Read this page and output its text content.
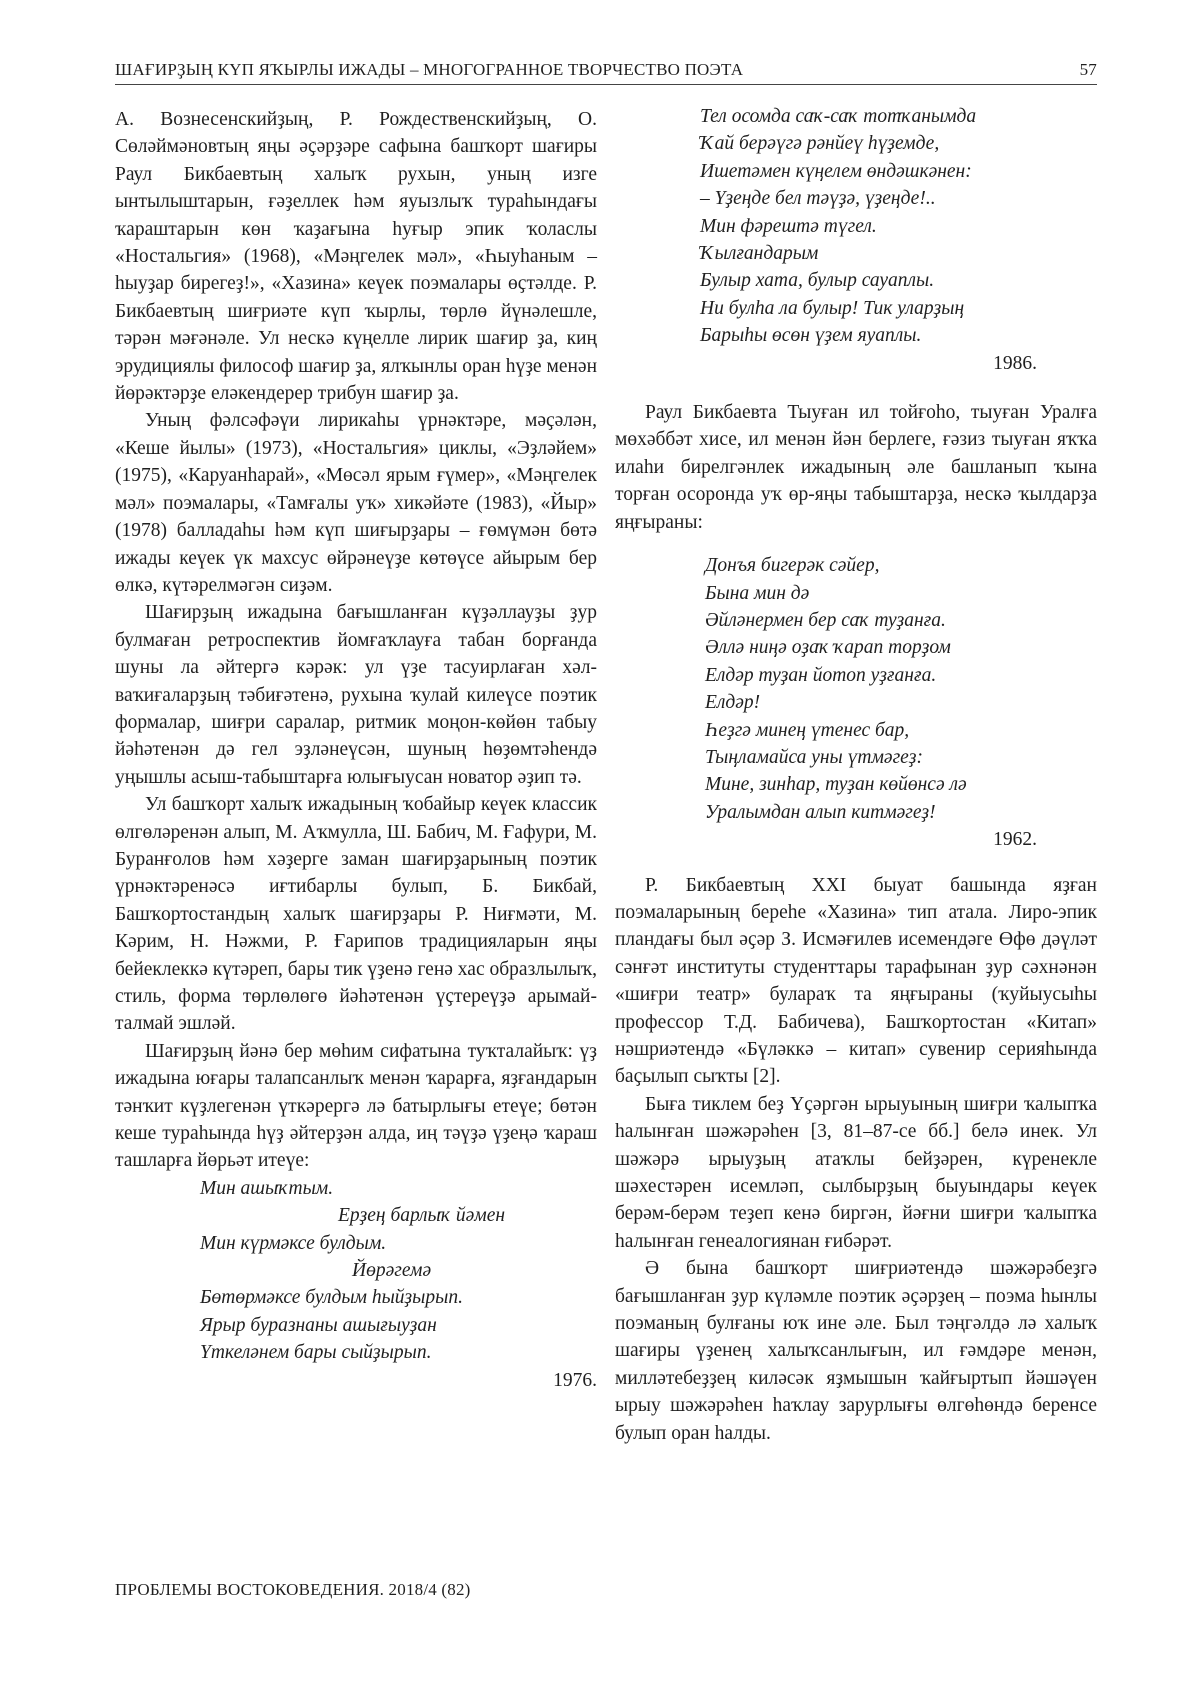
ШАҒИРҘЫҢ КҮП ЯҠЫРЛЫ ИЖАДЫ – МНОГОГРАННОЕ ТВОРЧЕСТВО ПОЭТА	57

А. Вознесенскийҙың, Р. Рождественскийҙың, О. Сөләймәновтың яңы әҫәрҙәре сафына башҡорт шағиры Раул Бикбаевтың халыҡ рухын, уның изге ынтылыштарын, ғәҙеллек һәм яуызлыҡ тураһындағы ҡараштарын көн ҡаҙағына һуғыр эпик ҡоласлы «Ностальгия» (1968), «Мәңгелек мәл», «Һыуһаным – һыуҙар бирегеҙ!», «Хазина» кеүек поэмалары өҫтәлде. Р. Бикбаевтың шиғриәте күп ҡырлы, төрлө йүнәлешле, тәрән мәғәнәле. Ул нескә күңелле лирик шағир ҙа, киң эрудициялы философ шағир ҙа, ялҡынлы оран һүҙе менән йөрәктәрҙе еләкендерер трибун шағир ҙа.

Уның фәлсәфәүи лирикаһы үрнәктәре, мәҫәлән, «Кеше йылы» (1973), «Ностальгия» циклы, «Эҙләйем» (1975), «Каруанһарай», «Мөсәл ярым ғүмер», «Мәңгелек мәл» поэмалары, «Тамғалы уҡ» хикәйәте (1983), «Йыр» (1978) балладаһы һәм күп шиғырҙары – ғөмүмән бөтә ижады кеүек үк махсус өйрәнеүҙе көтөүсе айырым бер өлкә, күтәрелмәгән сиҙәм.

Шағирҙың ижадына бағышланған күҙәллауҙы ҙур булмаған ретроспектив йомғаҡлауға табан борғанда шуны ла әйтергә кәрәк: ул үҙе тасуирлаған хәл-ваҡиғаларҙың тәбиғәтенә, рухына ҡулай килеүсе поэтик формалар, шиғри саралар, ритмик моңон-көйөн табыу йәһәтенән дә гел эҙләнеүсән, шуның һөҙөмтәһендә уңышлы асыш-табыштарға юлығыусан новатор әҙип тә.

Ул башҡорт халыҡ ижадының ҡобайыр кеүек классик өлгөләренән алып, М. Аҡмулла, Ш. Бабич, М. Ғафури, М. Буранғолов һәм хәҙерге заман шағирҙарының поэтик үрнәктәренәсә иғтибарлы булып, Б. Бикбай, Башҡортостандың халыҡ шағирҙары Р. Ниғмәти, М. Кәрим, Н. Нәжми, Р. Ғарипов традицияларын яңы бейеклеккә күтәреп, бары тик үҙенә генә хас образлылыҡ, стиль, форма төрлөлөгө йәһәтенән үҫтереүҙә арымай-талмай эшләй.

Шағирҙың йәнә бер мөһим сифатына туҡталайыҡ: үҙ ижадына юғары талапсанлыҡ менән ҡарарға, яҙғандарын тәнҡит күҙлегенән үткәрергә лә батырлығы етеүе; бөтән кеше тураһында һүҙ әйтерҙән алда, иң тәүҙә үҙеңә ҡараш ташларға йөрьәт итеүе:

Мин ашыҡтым.
Ерҙең барлыҡ йәмен
Мин күрмәксе булдым.
Йөрәгемә
Бөтөрмәксе булдым һыйҙырып.
Ярыр буразнаны ашығыуҙан
Үткеләнем бары сыйҙырып.
1976.
Тел осомда саҡ-саҡ тотҡанымда
Ҡай берәүгә рәнйеү һүҙемде,
Ишетәмен күңелем өндәшкәнен:
– Үҙеңде бел тәүҙә, үҙеңде!..
Мин фәрештә түгел.
Ҡылғандарым
Булыр хата, булыр сауаплы.
Ни булһа ла булыр! Тик уларҙың
Барыһы өсөн үҙем яуаплы.
1986.

Раул Бикбаевта Тыуған ил тойғоһо, тыуған Уралға мөхәббәт хисе, ил менән йән берлеге, ғәзиз тыуған яҡҡа илаһи бирелгәнлек ижадының әле башланып ҡына торған осоронда уҡ өр-яңы табыштарҙа, нескә ҡылдарҙа яңғыраны:

Донъя бигерәк сәйер,
Бына мин дә
Әйләнермен бер саҡ туҙанға.
Әллә ниңә оҙаҡ ҡарап торҙом
Елдәр туҙан йотоп уҙғанға.
Елдәр!
Һеҙгә минең үтенес бар,
Тыңламайса уны үтмәгеҙ:
Мине, зинһар, туҙан көйөнсә лә
Уралымдан алып китмәгеҙ!
1962.

Р. Бикбаевтың XXI быуат башында яҙған поэмаларының береһе «Хазина» тип атала. Лиро-эпик пландағы был әҫәр З. Исмәғилев исемендәге Өфө дәүләт сәнғәт институты студенттары тарафынан ҙур сәхнәнән «шиғри театр» булараҡ та яңғыраны (ҡуйыусыһы профессор Т.Д. Бабичева), Башҡортостан «Китап» нәшриәтендә «Бүләккә – китап» сувенир серияһында баҫылып сыҡты [2].

Быға тиклем беҙ Үҫәргән ырыуының шиғри ҡалыпҡа һалынған шәжәрәһен [3, 81–87-се бб.] белә инек. Ул шәжәрә ырыуҙың атаҡлы бейҙәрен, күренекле шәхестәрен исемләп, сылбырҙың быуындары кеүек берәм-берәм теҙеп кенә биргән, йәғни шиғри ҡалыпҡа һалынған генеалогиянан ғибәрәт.

Ә бына башҡорт шиғриәтендә шәжәрәбеҙгә бағышланған ҙур күләмле поэтик әҫәрҙең – поэма һынлы поэманың булғаны юҡ ине әле. Был тәңгәлдә лә халыҡ шағиры үҙенең халыҡсанлығын, ил ғәмдәре менән, милләтебеҙҙең киләсәк яҙмышын ҡайғыртып йәшәүен ырыу шәжәрәһен һаҡлау зарурлығы өлгөһөндә беренсе булып оран һалды.

ПРОБЛЕМЫ ВОСТОКОВЕДЕНИЯ. 2018/4 (82)
